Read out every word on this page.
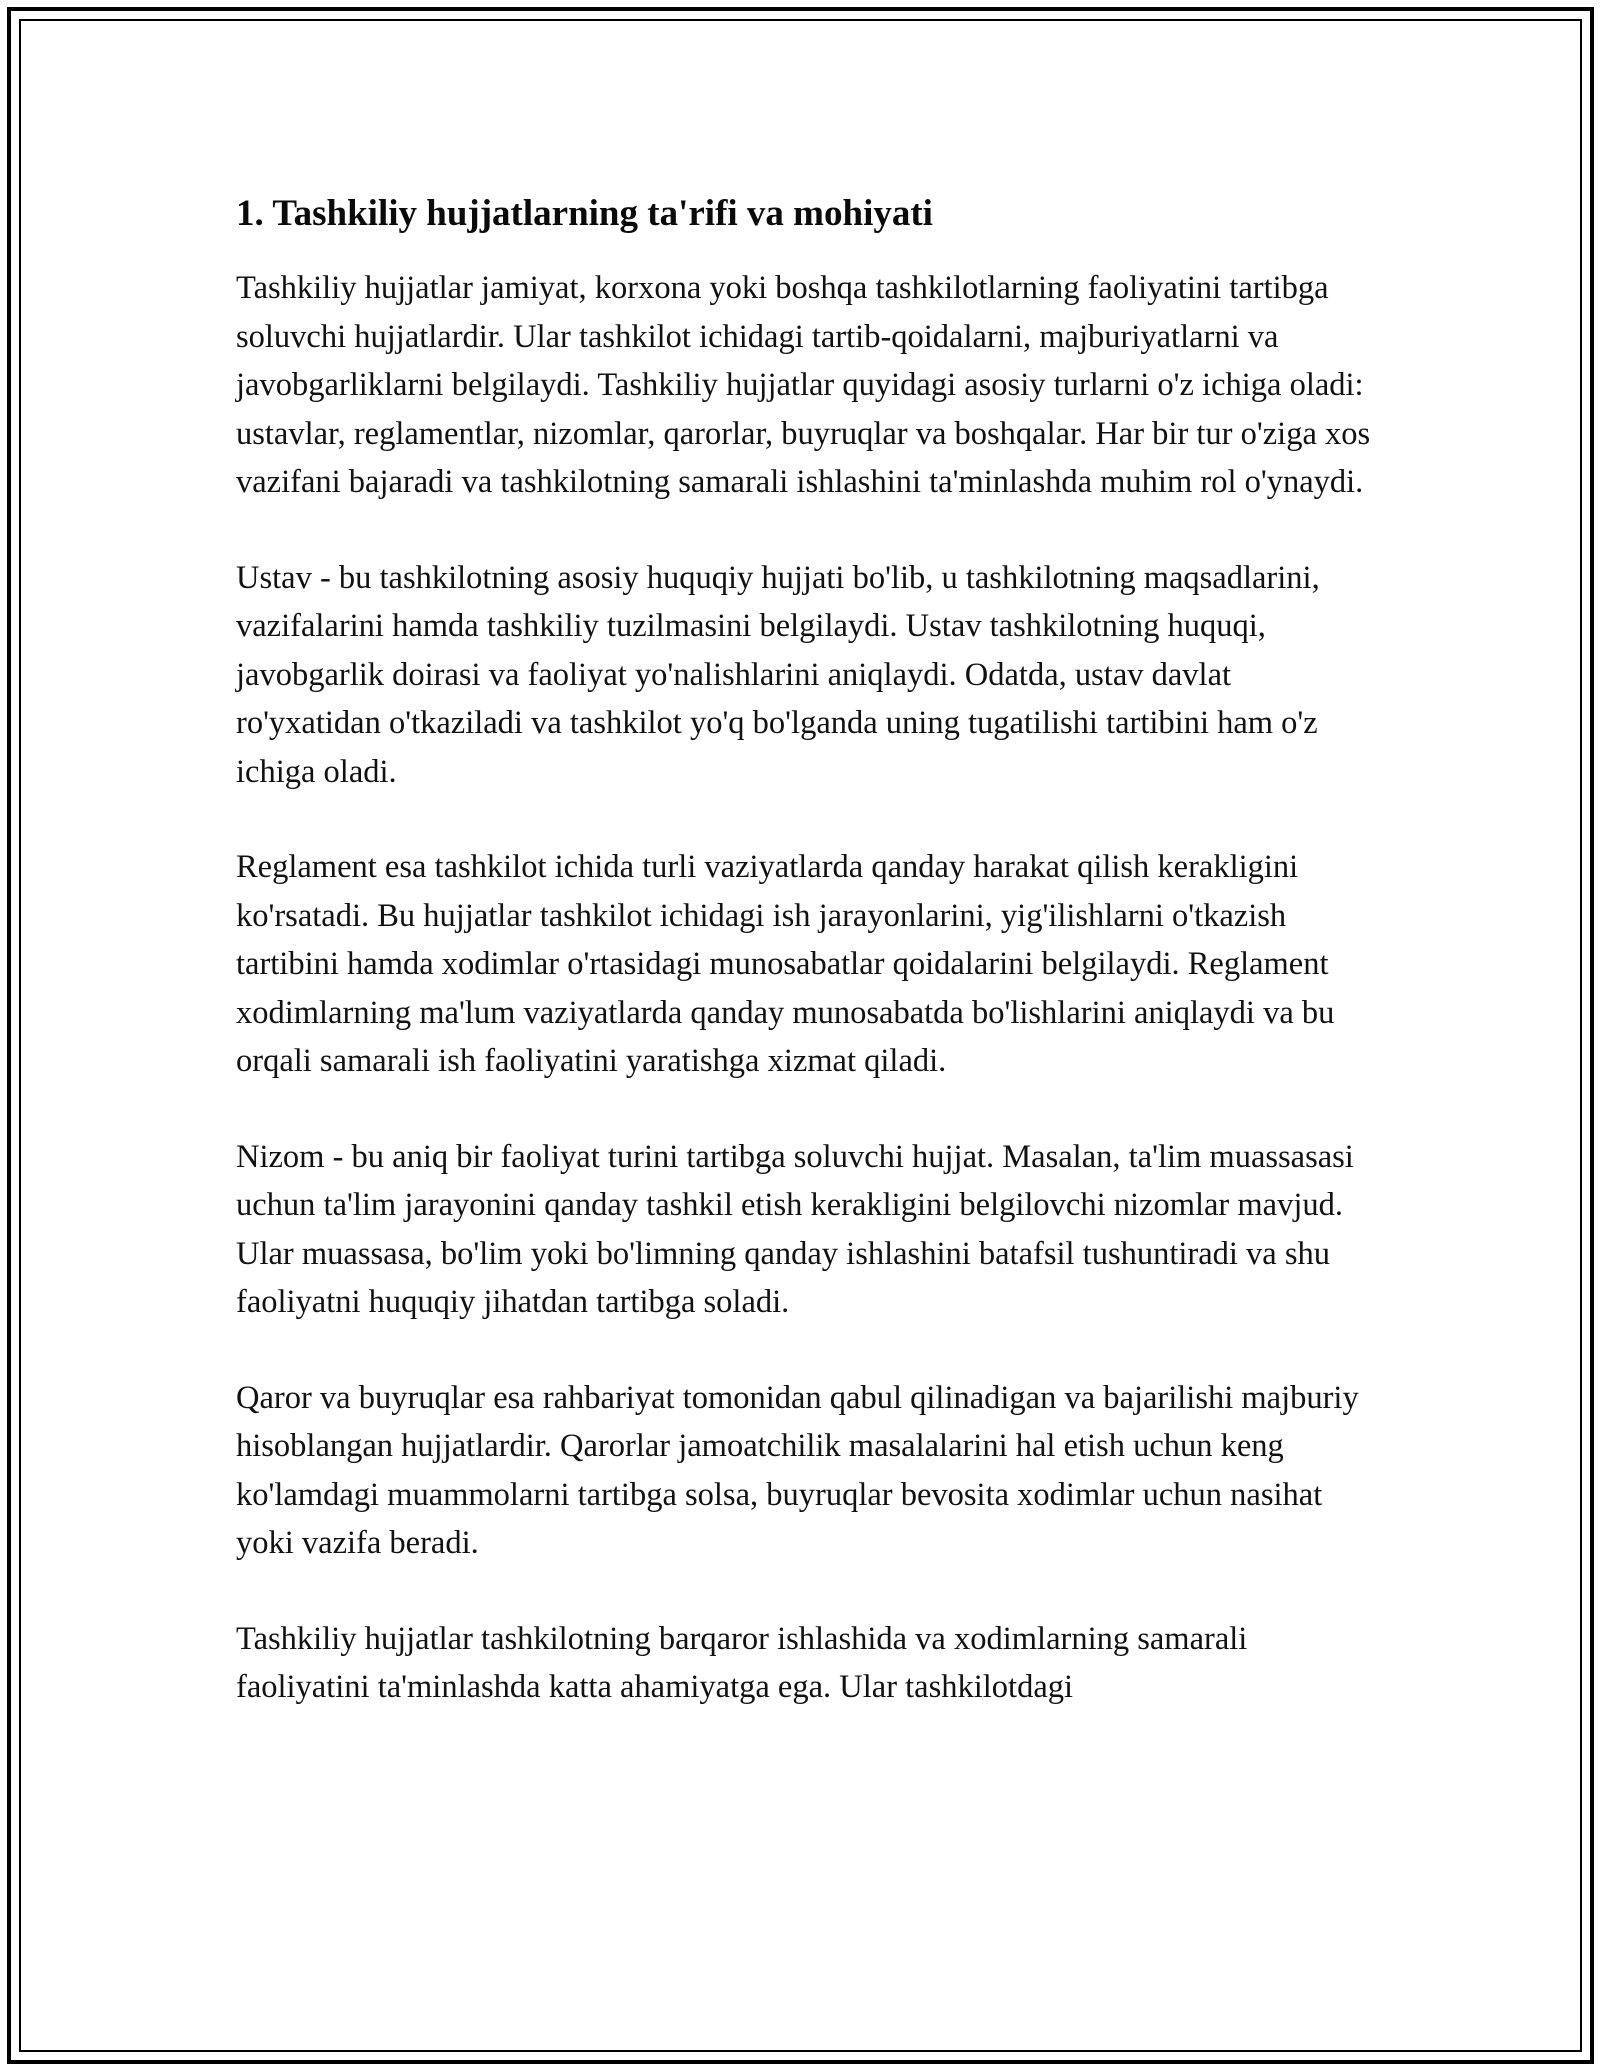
1. Tashkiliy hujjatlarning ta'rifi va mohiyati

Tashkiliy hujjatlar jamiyat, korxona yoki boshqa tashkilotlarning faoliyatini tartibga soluvchi hujjatlardir. Ular tashkilot ichidagi tartib-qoidalarni, majburiyatlarni va javobgarliklarni belgilaydi. Tashkiliy hujjatlar quyidagi asosiy turlarni o'z ichiga oladi: ustavlar, reglamentlar, nizomlar, qarorlar, buyruqlar va boshqalar. Har bir tur o'ziga xos vazifani bajaradi va tashkilotning samarali ishlashini ta'minlashda muhim rol o'ynaydi.

Ustav - bu tashkilotning asosiy huquqiy hujjati bo'lib, u tashkilotning maqsadlarini, vazifalarini hamda tashkiliy tuzilmasini belgilaydi. Ustav tashkilotning huquqi, javobgarlik doirasi va faoliyat yo'nalishlarini aniqlaydi. Odatda, ustav davlat ro'yxatidan o'tkaziladi va tashkilot yo'q bo'lganda uning tugatilishi tartibini ham o'z ichiga oladi.

Reglament esa tashkilot ichida turli vaziyatlarda qanday harakat qilish kerakligini ko'rsatadi. Bu hujjatlar tashkilot ichidagi ish jarayonlarini, yig'ilishlarni o'tkazish tartibini hamda xodimlar o'rtasidagi munosabatlar qoidalarini belgilaydi. Reglament xodimlarning ma'lum vaziyatlarda qanday munosabatda bo'lishlarini aniqlaydi va bu orqali samarali ish faoliyatini yaratishga xizmat qiladi.

Nizom - bu aniq bir faoliyat turini tartibga soluvchi hujjat. Masalan, ta'lim muassasasi uchun ta'lim jarayonini qanday tashkil etish kerakligini belgilovchi nizomlar mavjud. Ular muassasa, bo'lim yoki bo'limning qanday ishlashini batafsil tushuntiradi va shu faoliyatni huquqiy jihatdan tartibga soladi.

Qaror va buyruqlar esa rahbariyat tomonidan qabul qilinadigan va bajarilishi majburiy hisoblangan hujjatlardir. Qarorlar jamoatchilik masalalarini hal etish uchun keng ko'lamdagi muammolarni tartibga solsa, buyruqlar bevosita xodimlar uchun nasihat yoki vazifa beradi.

Tashkiliy hujjatlar tashkilotning barqaror ishlashida va xodimlarning samarali faoliyatini ta'minlashda katta ahamiyatga ega. Ular tashkilotdagi
